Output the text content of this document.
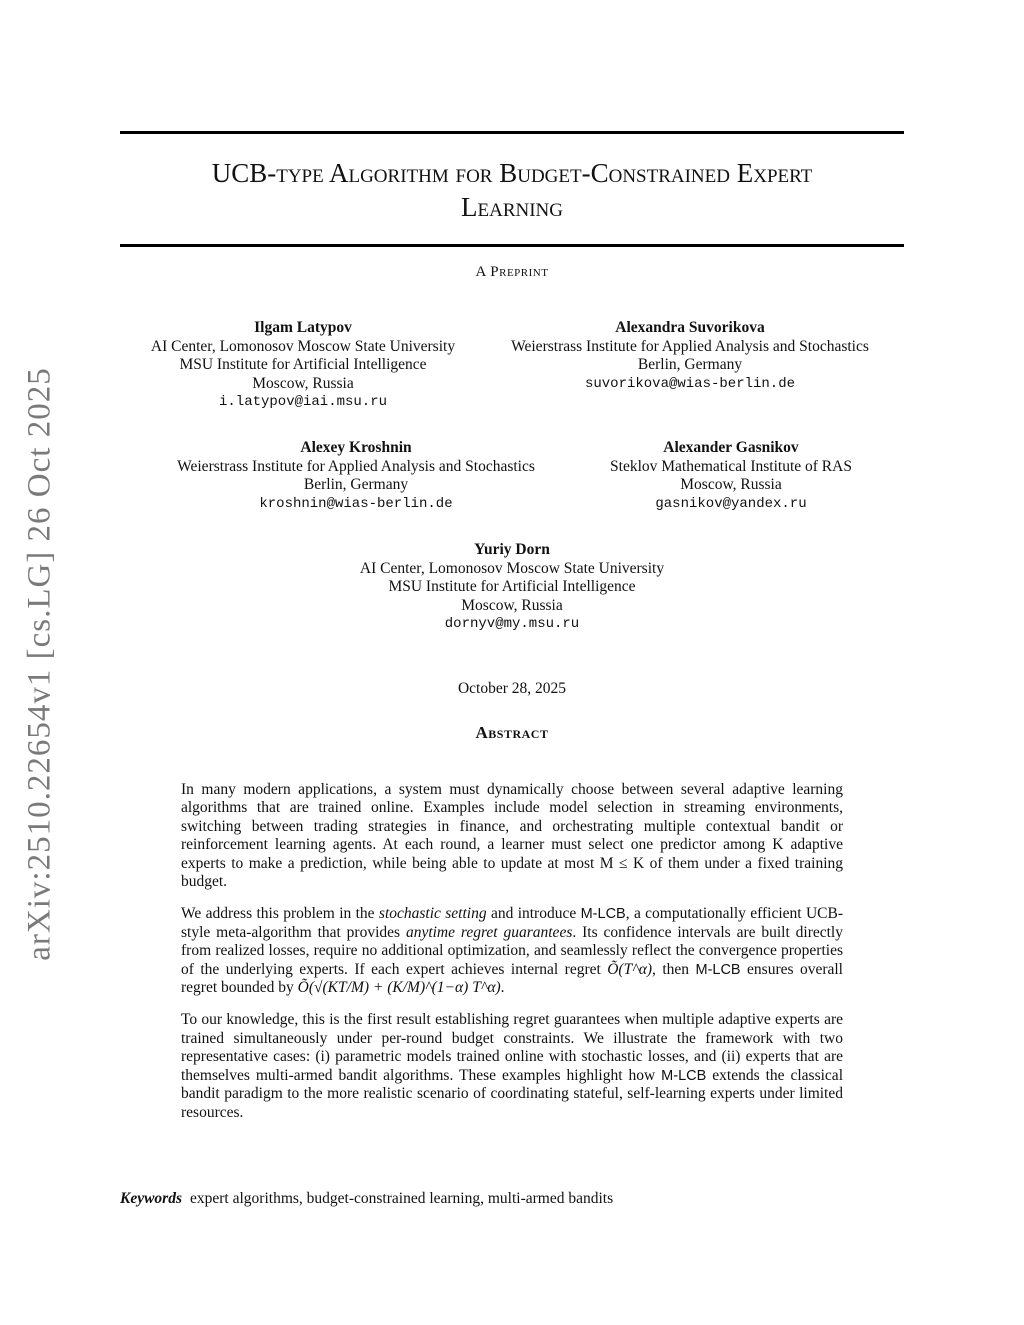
arXiv:2510.22654v1 [cs.LG] 26 Oct 2025
UCB-type Algorithm for Budget-Constrained Expert
Learning
A Preprint
Ilgam Latypov
AI Center, Lomonosov Moscow State University
MSU Institute for Artificial Intelligence
Moscow, Russia
i.latypov@iai.msu.ru
Alexandra Suvorikova
Weierstrass Institute for Applied Analysis and Stochastics
Berlin, Germany
suvorikova@wias-berlin.de
Alexey Kroshnin
Weierstrass Institute for Applied Analysis and Stochastics
Berlin, Germany
kroshnin@wias-berlin.de
Alexander Gasnikov
Steklov Mathematical Institute of RAS
Moscow, Russia
gasnikov@yandex.ru
Yuriy Dorn
AI Center, Lomonosov Moscow State University
MSU Institute for Artificial Intelligence
Moscow, Russia
dornyv@my.msu.ru
October 28, 2025
Abstract

In many modern applications, a system must dynamically choose between several adaptive learning algorithms that are trained online. Examples include model selection in streaming environments, switching between trading strategies in finance, and orchestrating multiple contextual bandit or reinforcement learning agents. At each round, a learner must select one predictor among K adaptive experts to make a prediction, while being able to update at most M ≤ K of them under a fixed training budget.

We address this problem in the stochastic setting and introduce M-LCB, a computationally efficient UCB-style meta-algorithm that provides anytime regret guarantees. Its confidence intervals are built directly from realized losses, require no additional optimization, and seamlessly reflect the convergence properties of the underlying experts. If each expert achieves internal regret Õ(T^α), then M-LCB ensures overall regret bounded by Õ(√(KT/M) + (K/M)^(1−α) T^α).

To our knowledge, this is the first result establishing regret guarantees when multiple adaptive experts are trained simultaneously under per-round budget constraints. We illustrate the framework with two representative cases: (i) parametric models trained online with stochastic losses, and (ii) experts that are themselves multi-armed bandit algorithms. These examples highlight how M-LCB extends the classical bandit paradigm to the more realistic scenario of coordinating stateful, self-learning experts under limited resources.

Keywords expert algorithms, budget-constrained learning, multi-armed bandits
